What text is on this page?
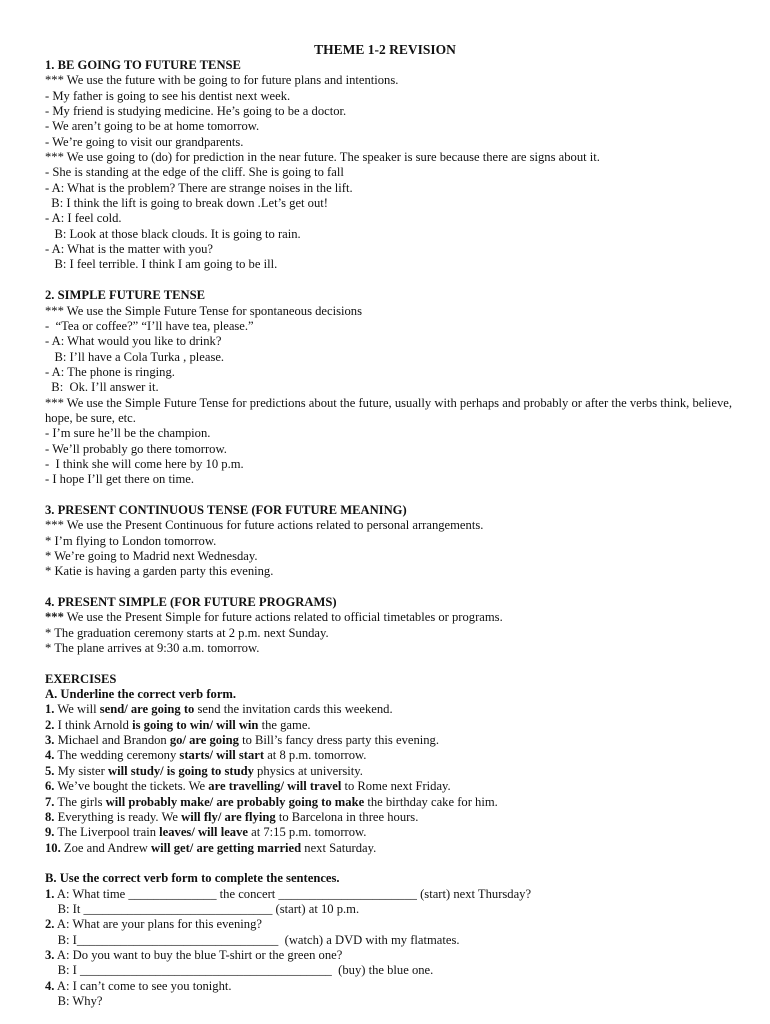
THEME 1-2 REVISION
1. BE GOING TO FUTURE TENSE
*** We use the future with be going to for future plans and intentions.
- My father is going to see his dentist next week.
- My friend is studying medicine. He’s going to be a doctor.
- We aren’t going to be at home tomorrow.
- We’re going to visit our grandparents.
*** We use going to (do) for prediction in the near future. The speaker is sure because there are signs about it.
- She is standing at the edge of the cliff. She is going to fall
- A: What is the problem? There are strange noises in the lift.
B: I think the lift is going to break down .Let’s get out!
- A: I feel cold.
B: Look at those black clouds. It is going to rain.
- A: What is the matter with you?
B: I feel terrible. I think I am going to be ill.
2. SIMPLE FUTURE TENSE
*** We use the Simple Future Tense for spontaneous decisions
-  “Tea or coffee?” “I’ll have tea, please.”
- A: What would you like to drink?
B: I’ll have a Cola Turka , please.
- A: The phone is ringing.
B:  Ok. I’ll answer it.
*** We use the Simple Future Tense for predictions about the future, usually with perhaps and probably or after the verbs think, believe, hope, be sure, etc.
- I’m sure he’ll be the champion.
- We’ll probably go there tomorrow.
-  I think she will come here by 10 p.m.
- I hope I’ll get there on time.
3. PRESENT CONTINUOUS TENSE (FOR FUTURE MEANING)
*** We use the Present Continuous for future actions related to personal arrangements.
* I’m flying to London tomorrow.
* We’re going to Madrid next Wednesday.
* Katie is having a garden party this evening.
4. PRESENT SIMPLE (FOR FUTURE PROGRAMS)
*** We use the Present Simple for future actions related to official timetables or programs.
* The graduation ceremony starts at 2 p.m. next Sunday.
* The plane arrives at 9:30 a.m. tomorrow.
EXERCISES
A. Underline the correct verb form.
1. We will send/ are going to send the invitation cards this weekend.
2. I think Arnold is going to win/ will win the game.
3. Michael and Brandon go/ are going to Bill’s fancy dress party this evening.
4. The wedding ceremony starts/ will start at 8 p.m. tomorrow.
5. My sister will study/ is going to study physics at university.
6. We’ve bought the tickets. We are travelling/ will travel to Rome next Friday.
7. The girls will probably make/ are probably going to make the birthday cake for him.
8. Everything is ready. We will fly/ are flying to Barcelona in three hours.
9. The Liverpool train leaves/ will leave at 7:15 p.m. tomorrow.
10. Zoe and Andrew will get/ are getting married next Saturday.
B. Use the correct verb form to complete the sentences.
1. A: What time ______________ the concert ______________________ (start) next Thursday?
B: It ______________________________ (start) at 10 p.m.
2. A: What are your plans for this evening?
B: I________________________________  (watch) a DVD with my flatmates.
3. A: Do you want to buy the blue T-shirt or the green one?
B: I ________________________________________  (buy) the blue one.
4. A: I can’t come to see you tonight.
B: Why?
